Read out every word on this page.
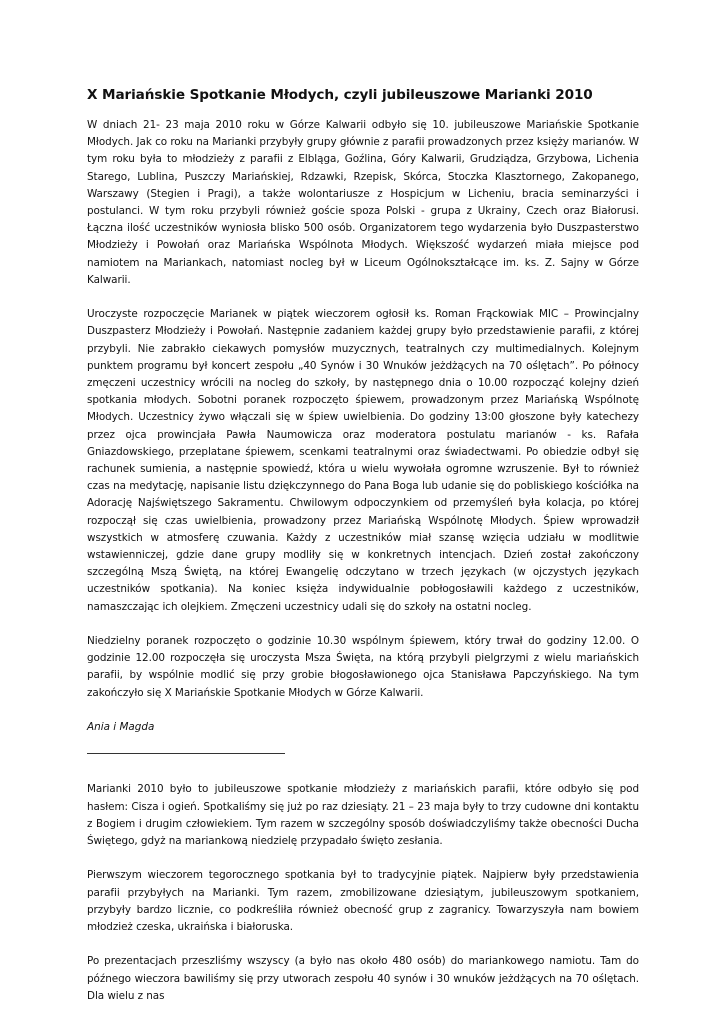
X Mariańskie Spotkanie Młodych, czyli jubileuszowe Marianki 2010

W dniach 21- 23 maja 2010 roku w Górze Kalwarii odbyło się 10. jubileuszowe Mariańskie Spotkanie Młodych. Jak co roku na Marianki przybyły grupy głównie z parafii prowadzonych przez księży marianów. W tym roku była to młodzieży z parafii z Elbląga, Goźlina, Góry Kalwarii, Grudziądza, Grzybowa, Lichenia Starego, Lublina, Puszczy Mariańskiej, Rdzawki, Rzepisk, Skórca, Stoczka Klasztornego, Zakopanego, Warszawy (Stegien i Pragi), a także wolontariusze z Hospicjum w Licheniu, bracia seminarzyści i postulanci. W tym roku przybyli również goście spoza Polski - grupa z Ukrainy, Czech oraz Białorusi. Łączna ilość uczestników wyniosła blisko 500 osób. Organizatorem tego wydarzenia było Duszpasterstwo Młodzieży i Powołań oraz Mariańska Wspólnota Młodych. Większość wydarzeń miała miejsce pod namiotem na Mariankach, natomiast nocleg był w Liceum Ogólnokształcące im. ks. Z. Sajny w Górze Kalwarii.

Uroczyste rozpoczęcie Marianek w piątek wieczorem ogłosił ks. Roman Frąckowiak MIC – Prowincjalny Duszpasterz Młodzieży i Powołań. Następnie zadaniem każdej grupy było przedstawienie parafii, z której przybyli. Nie zabrakło ciekawych pomysłów muzycznych, teatralnych czy multimedialnych. Kolejnym punktem programu był koncert zespołu „40 Synów i 30 Wnuków jeżdżących na 70 oślętach”. Po północy zmęczeni uczestnicy wrócili na nocleg do szkoły, by następnego dnia o 10.00 rozpocząć kolejny dzień spotkania młodych. Sobotni poranek rozpoczęto śpiewem, prowadzonym przez Mariańską Wspólnotę Młodych. Uczestnicy żywo włączali się w śpiew uwielbienia. Do godziny 13:00 głoszone były katechezy przez ojca prowincjała Pawła Naumowicza oraz moderatora postulatu marianów - ks. Rafała Gniazdowskiego, przeplatane śpiewem, scenkami teatralnymi oraz świadectwami. Po obiedzie odbył się rachunek sumienia, a następnie spowiedź, która u wielu wywołała ogromne wzruszenie. Był to również czas na medytację, napisanie listu dziękczynnego do Pana Boga lub udanie się do pobliskiego kościółka na Adorację Najświętszego Sakramentu. Chwilowym odpoczynkiem od przemyśleń była kolacja, po której rozpoczął się czas uwielbienia, prowadzony przez Mariańską Wspólnotę Młodych. Śpiew wprowadził wszystkich w atmosferę czuwania. Każdy z uczestników miał szansę wzięcia udziału w modlitwie wstawienniczej, gdzie dane grupy modliły się w konkretnych intencjach. Dzień został zakończony szczególną Mszą Świętą, na której Ewangelię odczytano w trzech językach (w ojczystych językach uczestników spotkania). Na koniec księża indywidualnie pobłogosławili każdego z uczestników, namaszczając ich olejkiem. Zmęczeni uczestnicy udali się do szkoły na ostatni nocleg.

Niedzielny poranek rozpoczęto o godzinie 10.30 wspólnym śpiewem, który trwał do godziny 12.00. O godzinie 12.00 rozpoczęła się uroczysta Msza Święta, na którą przybyli pielgrzymi z wielu mariańskich parafii, by wspólnie modlić się przy grobie błogosławionego ojca Stanisława Papczyńskiego. Na tym zakończyło się X Mariańskie Spotkanie Młodych w Górze Kalwarii.

Ania i Magda

Marianki 2010 było to jubileuszowe spotkanie młodzieży z mariańskich parafii, które odbyło się pod hasłem: Cisza i ogień. Spotkaliśmy się już po raz dziesiąty. 21 – 23 maja były to trzy cudowne dni kontaktu z Bogiem i drugim człowiekiem. Tym razem w szczególny sposób doświadczyliśmy także obecności Ducha Świętego, gdyż na mariankową niedzielę przypadało święto zesłania.

Pierwszym wieczorem tegorocznego spotkania był to tradycyjnie piątek. Najpierw były przedstawienia parafii przybyłych na Marianki. Tym razem, zmobilizowane dziesiątym, jubileuszowym spotkaniem, przybyły bardzo licznie, co podkreśliła również obecność grup z zagranicy. Towarzyszyła nam bowiem młodzież czeska, ukraińska i białoruska.

Po prezentacjach przeszliśmy wszyscy (a było nas około 480 osób) do mariankowego namiotu. Tam do późnego wieczora bawiliśmy się przy utworach zespołu 40 synów i 30 wnuków jeżdżących na 70 oślętach. Dla wielu z nas
